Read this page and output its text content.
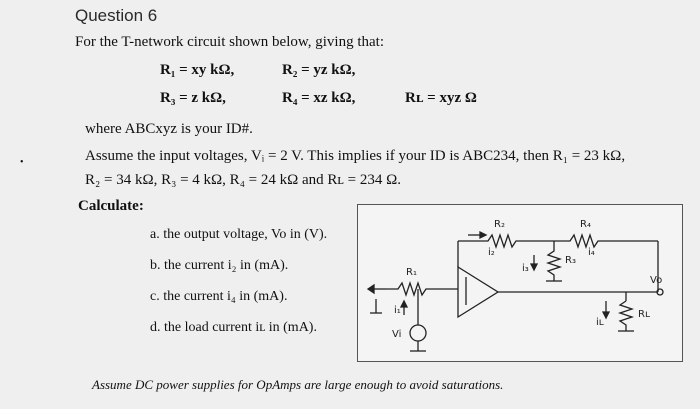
Question 6
For the T-network circuit shown below, giving that:
R₁ = xy kΩ,	R₂ = yz kΩ,
R₃ = z kΩ,	R₄ = xz kΩ,	Rʟ = xyz Ω
where ABCxyz is your ID#.
Assume the input voltages, Vᵢ = 2 V. This implies if your ID is ABC234, then R₁ = 23 kΩ,
R₂ = 34 kΩ, R₃ = 4 kΩ, R₄ = 24 kΩ and Rʟ = 234 Ω.
•
Calculate:
a. the output voltage, Vo in (V).
b. the current i₂ in (mA).
c. the current i₄ in (mA).
d. the load current iʟ in (mA).
R₂	R₄
R₁
R₃
i₁
i₂
i₃
i₄
Rʟ
iʟ
Vo
Vi
Assume DC power supplies for OpAmps are large enough to avoid saturations.
